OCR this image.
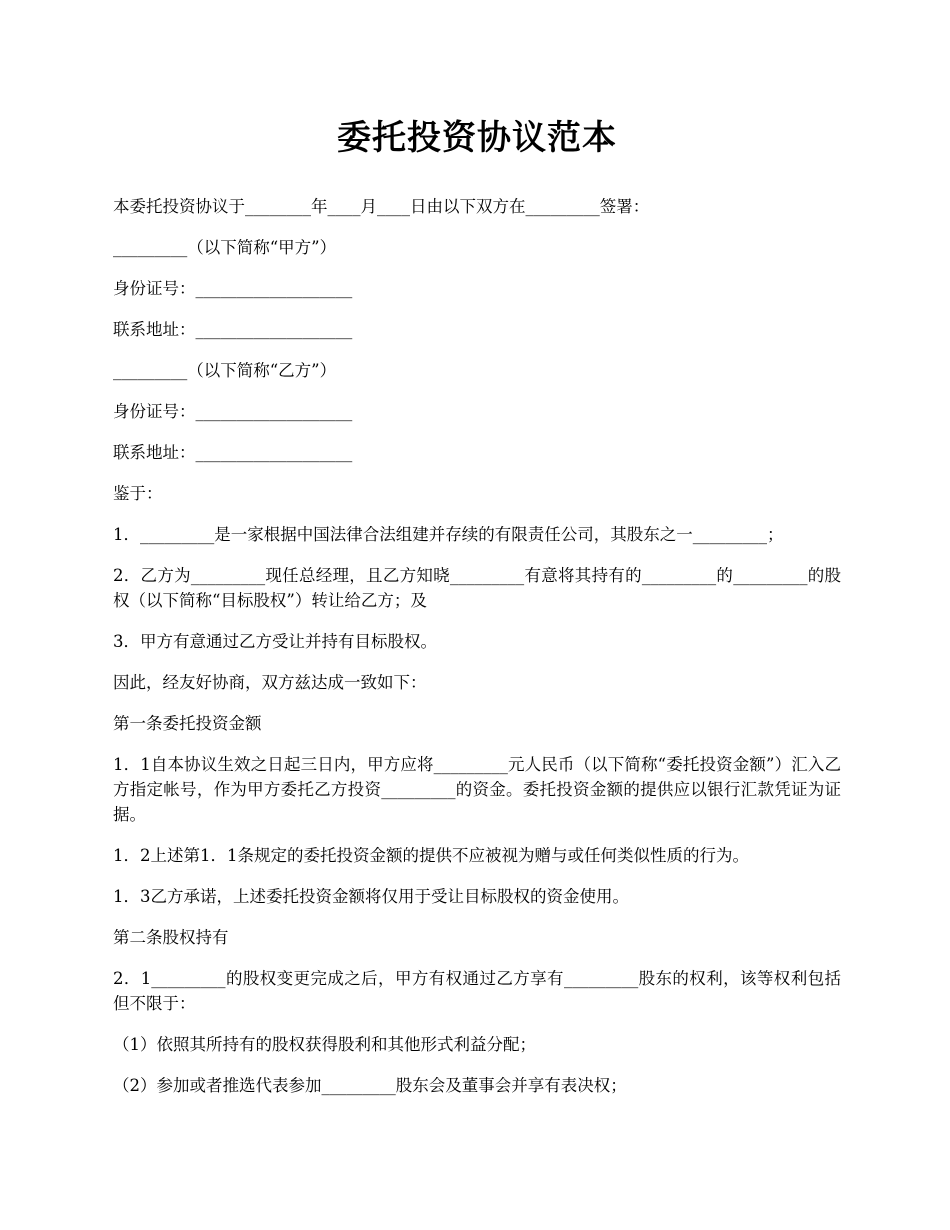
委托投资协议范本

本委托投资协议于________年____月____日由以下双方在_________签署：

_________（以下简称“甲方”）

身份证号：___________________

联系地址：___________________

_________（以下简称“乙方”）

身份证号：___________________

联系地址：___________________

鉴于：

1．_________是一家根据中国法律合法组建并存续的有限责任公司，其股东之一_________；

2．乙方为_________现任总经理，且乙方知晓_________有意将其持有的_________的_________的股权（以下简称“目标股权”）转让给乙方；及

3．甲方有意通过乙方受让并持有目标股权。

因此，经友好协商，双方兹达成一致如下：

第一条委托投资金额

1．1自本协议生效之日起三日内，甲方应将_________元人民币（以下简称“委托投资金额”）汇入乙方指定帐号，作为甲方委托乙方投资_________的资金。委托投资金额的提供应以银行汇款凭证为证据。

1．2上述第1．1条规定的委托投资金额的提供不应被视为赠与或任何类似性质的行为。

1．3乙方承诺，上述委托投资金额将仅用于受让目标股权的资金使用。

第二条股权持有

2．1_________的股权变更完成之后，甲方有权通过乙方享有_________股东的权利，该等权利包括但不限于：

（1）依照其所持有的股权获得股利和其他形式利益分配；

（2）参加或者推选代表参加_________股东会及董事会并享有表决权；
